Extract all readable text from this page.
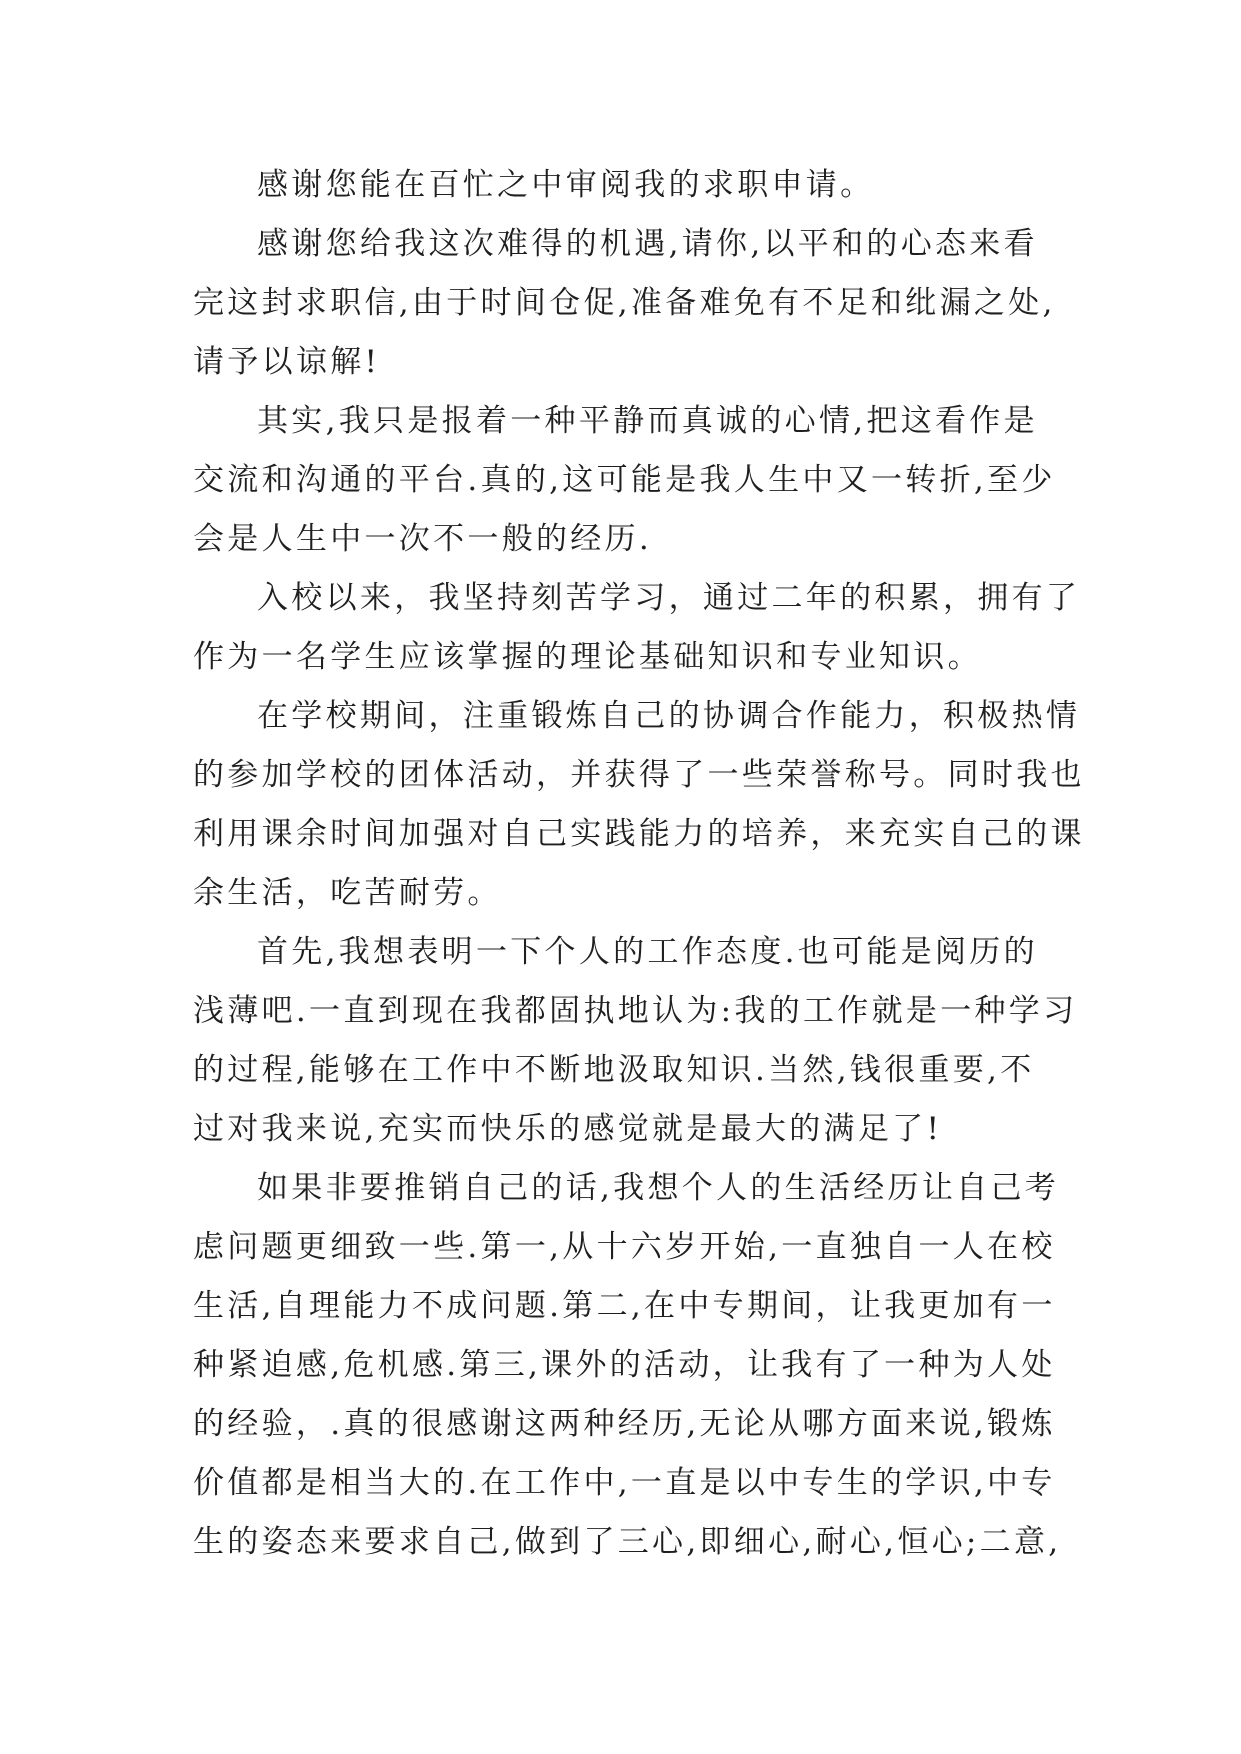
感谢您能在百忙之中审阅我的求职申请。
感谢您给我这次难得的机遇,请你,以平和的心态来看
完这封求职信,由于时间仓促,准备难免有不足和纰漏之处,
请予以谅解!
其实,我只是报着一种平静而真诚的心情,把这看作是
交流和沟通的平台.真的,这可能是我人生中又一转折,至少
会是人生中一次不一般的经历.
入校以来，我坚持刻苦学习，通过二年的积累，拥有了
作为一名学生应该掌握的理论基础知识和专业知识。
在学校期间，注重锻炼自己的协调合作能力，积极热情
的参加学校的团体活动，并获得了一些荣誉称号。同时我也
利用课余时间加强对自己实践能力的培养，来充实自己的课
余生活，吃苦耐劳。
首先,我想表明一下个人的工作态度.也可能是阅历的
浅薄吧.一直到现在我都固执地认为:我的工作就是一种学习
的过程,能够在工作中不断地汲取知识.当然,钱很重要,不
过对我来说,充实而快乐的感觉就是最大的满足了!
如果非要推销自己的话,我想个人的生活经历让自己考
虑问题更细致一些.第一,从十六岁开始,一直独自一人在校
生活,自理能力不成问题.第二,在中专期间，让我更加有一
种紧迫感,危机感.第三,课外的活动，让我有了一种为人处
的经验，.真的很感谢这两种经历,无论从哪方面来说,锻炼
价值都是相当大的.在工作中,一直是以中专生的学识,中专
生的姿态来要求自己,做到了三心,即细心,耐心,恒心;二意,
